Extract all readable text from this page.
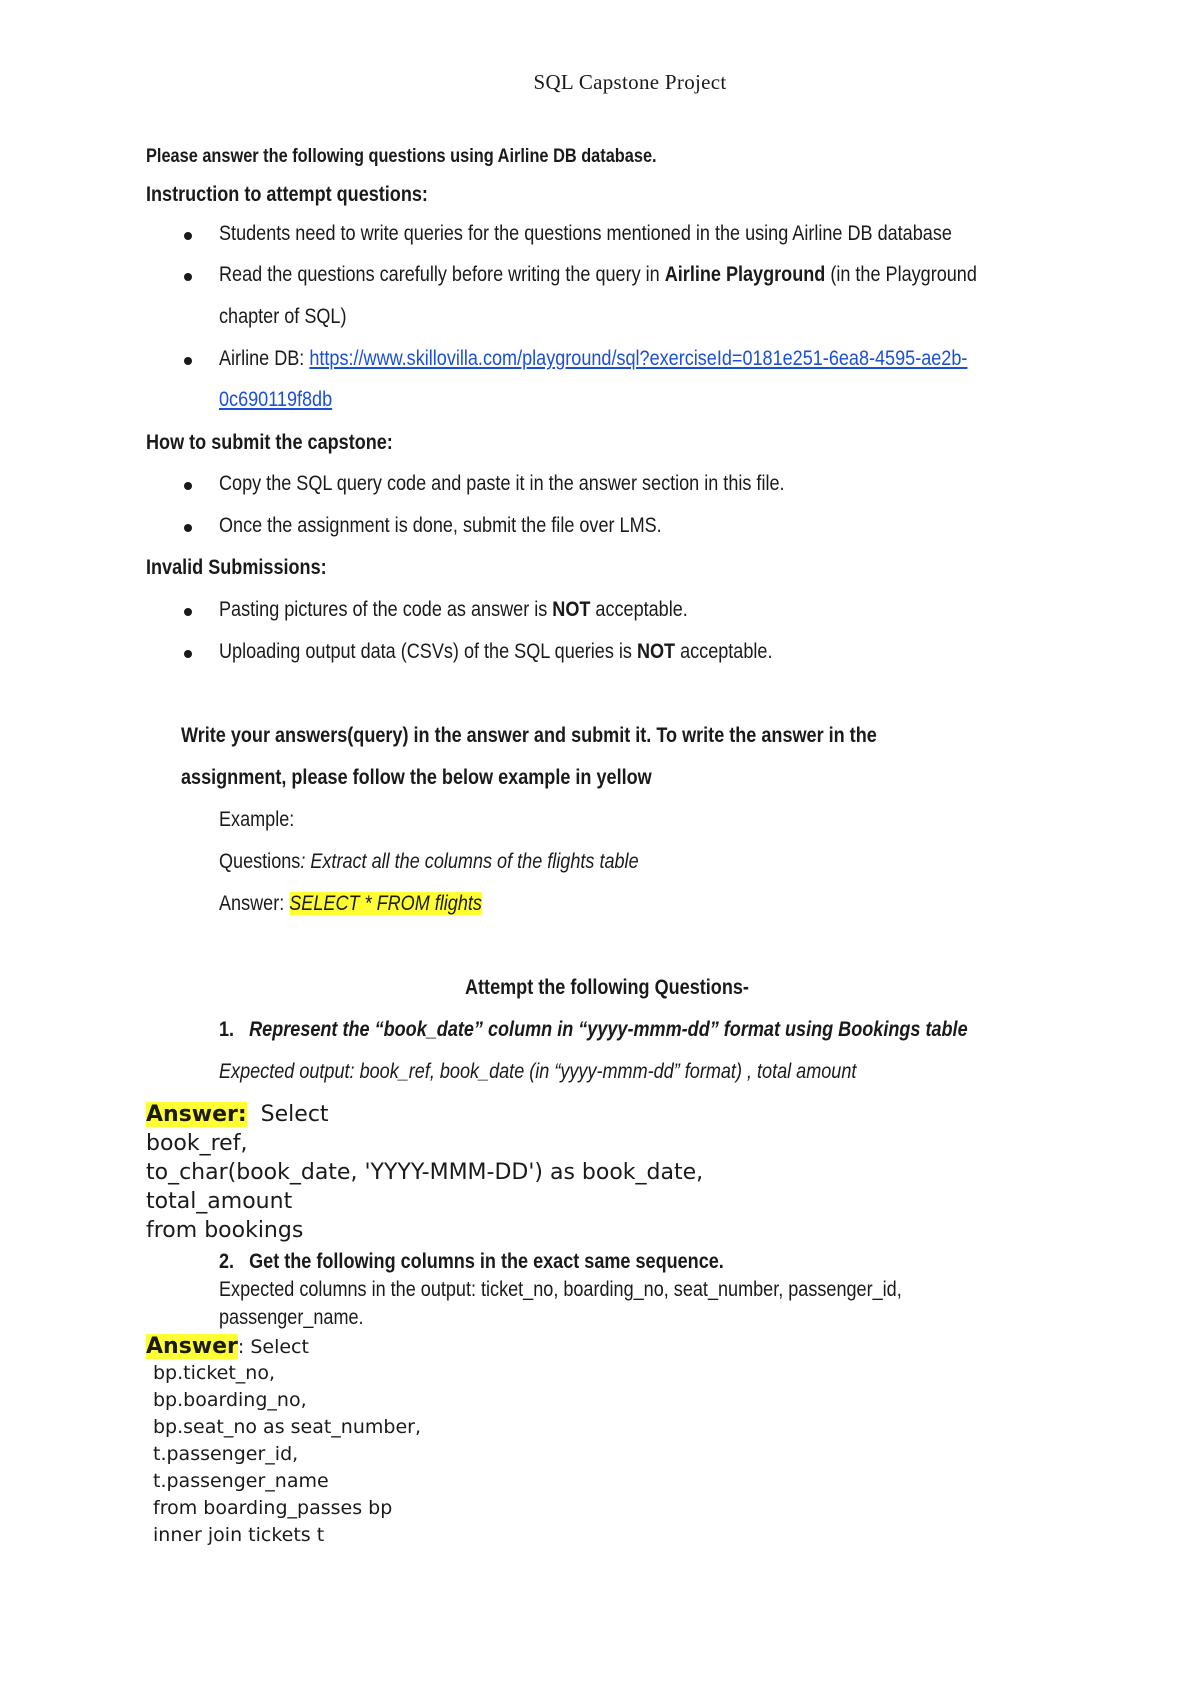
SQL Capstone Project
Please answer the following questions using Airline DB database.
Instruction to attempt questions:
Students need to write queries for the questions mentioned in the using Airline DB database
Read the questions carefully before writing the query in Airline Playground (in the Playground
chapter of SQL)
Airline DB: https://www.skillovilla.com/playground/sql?exerciseId=0181e251-6ea8-4595-ae2b-
0c690119f8db
How to submit the capstone:
Copy the SQL query code and paste it in the answer section in this file.
Once the assignment is done, submit the file over LMS.
Invalid Submissions:
Pasting pictures of the code as answer is NOT acceptable.
Uploading output data (CSVs) of the SQL queries is NOT acceptable.
Write your answers(query) in the answer and submit it. To write the answer in the
assignment, please follow the below example in yellow
Example:
Questions: Extract all the columns of the flights table
Answer: SELECT * FROM flights
Attempt the following Questions-
1. Represent the “book_date” column in “yyyy-mmm-dd” format using Bookings table
Expected output: book_ref, book_date (in “yyyy-mmm-dd” format) , total amount
Answer:  Select
book_ref,
to_char(book_date, 'YYYY-MMM-DD') as book_date,
total_amount
from bookings
2. Get the following columns in the exact same sequence.
Expected columns in the output: ticket_no, boarding_no, seat_number, passenger_id,
passenger_name.
Answer: Select
bp.ticket_no,
bp.boarding_no,
bp.seat_no as seat_number,
t.passenger_id,
t.passenger_name
from boarding_passes bp
inner join tickets t
